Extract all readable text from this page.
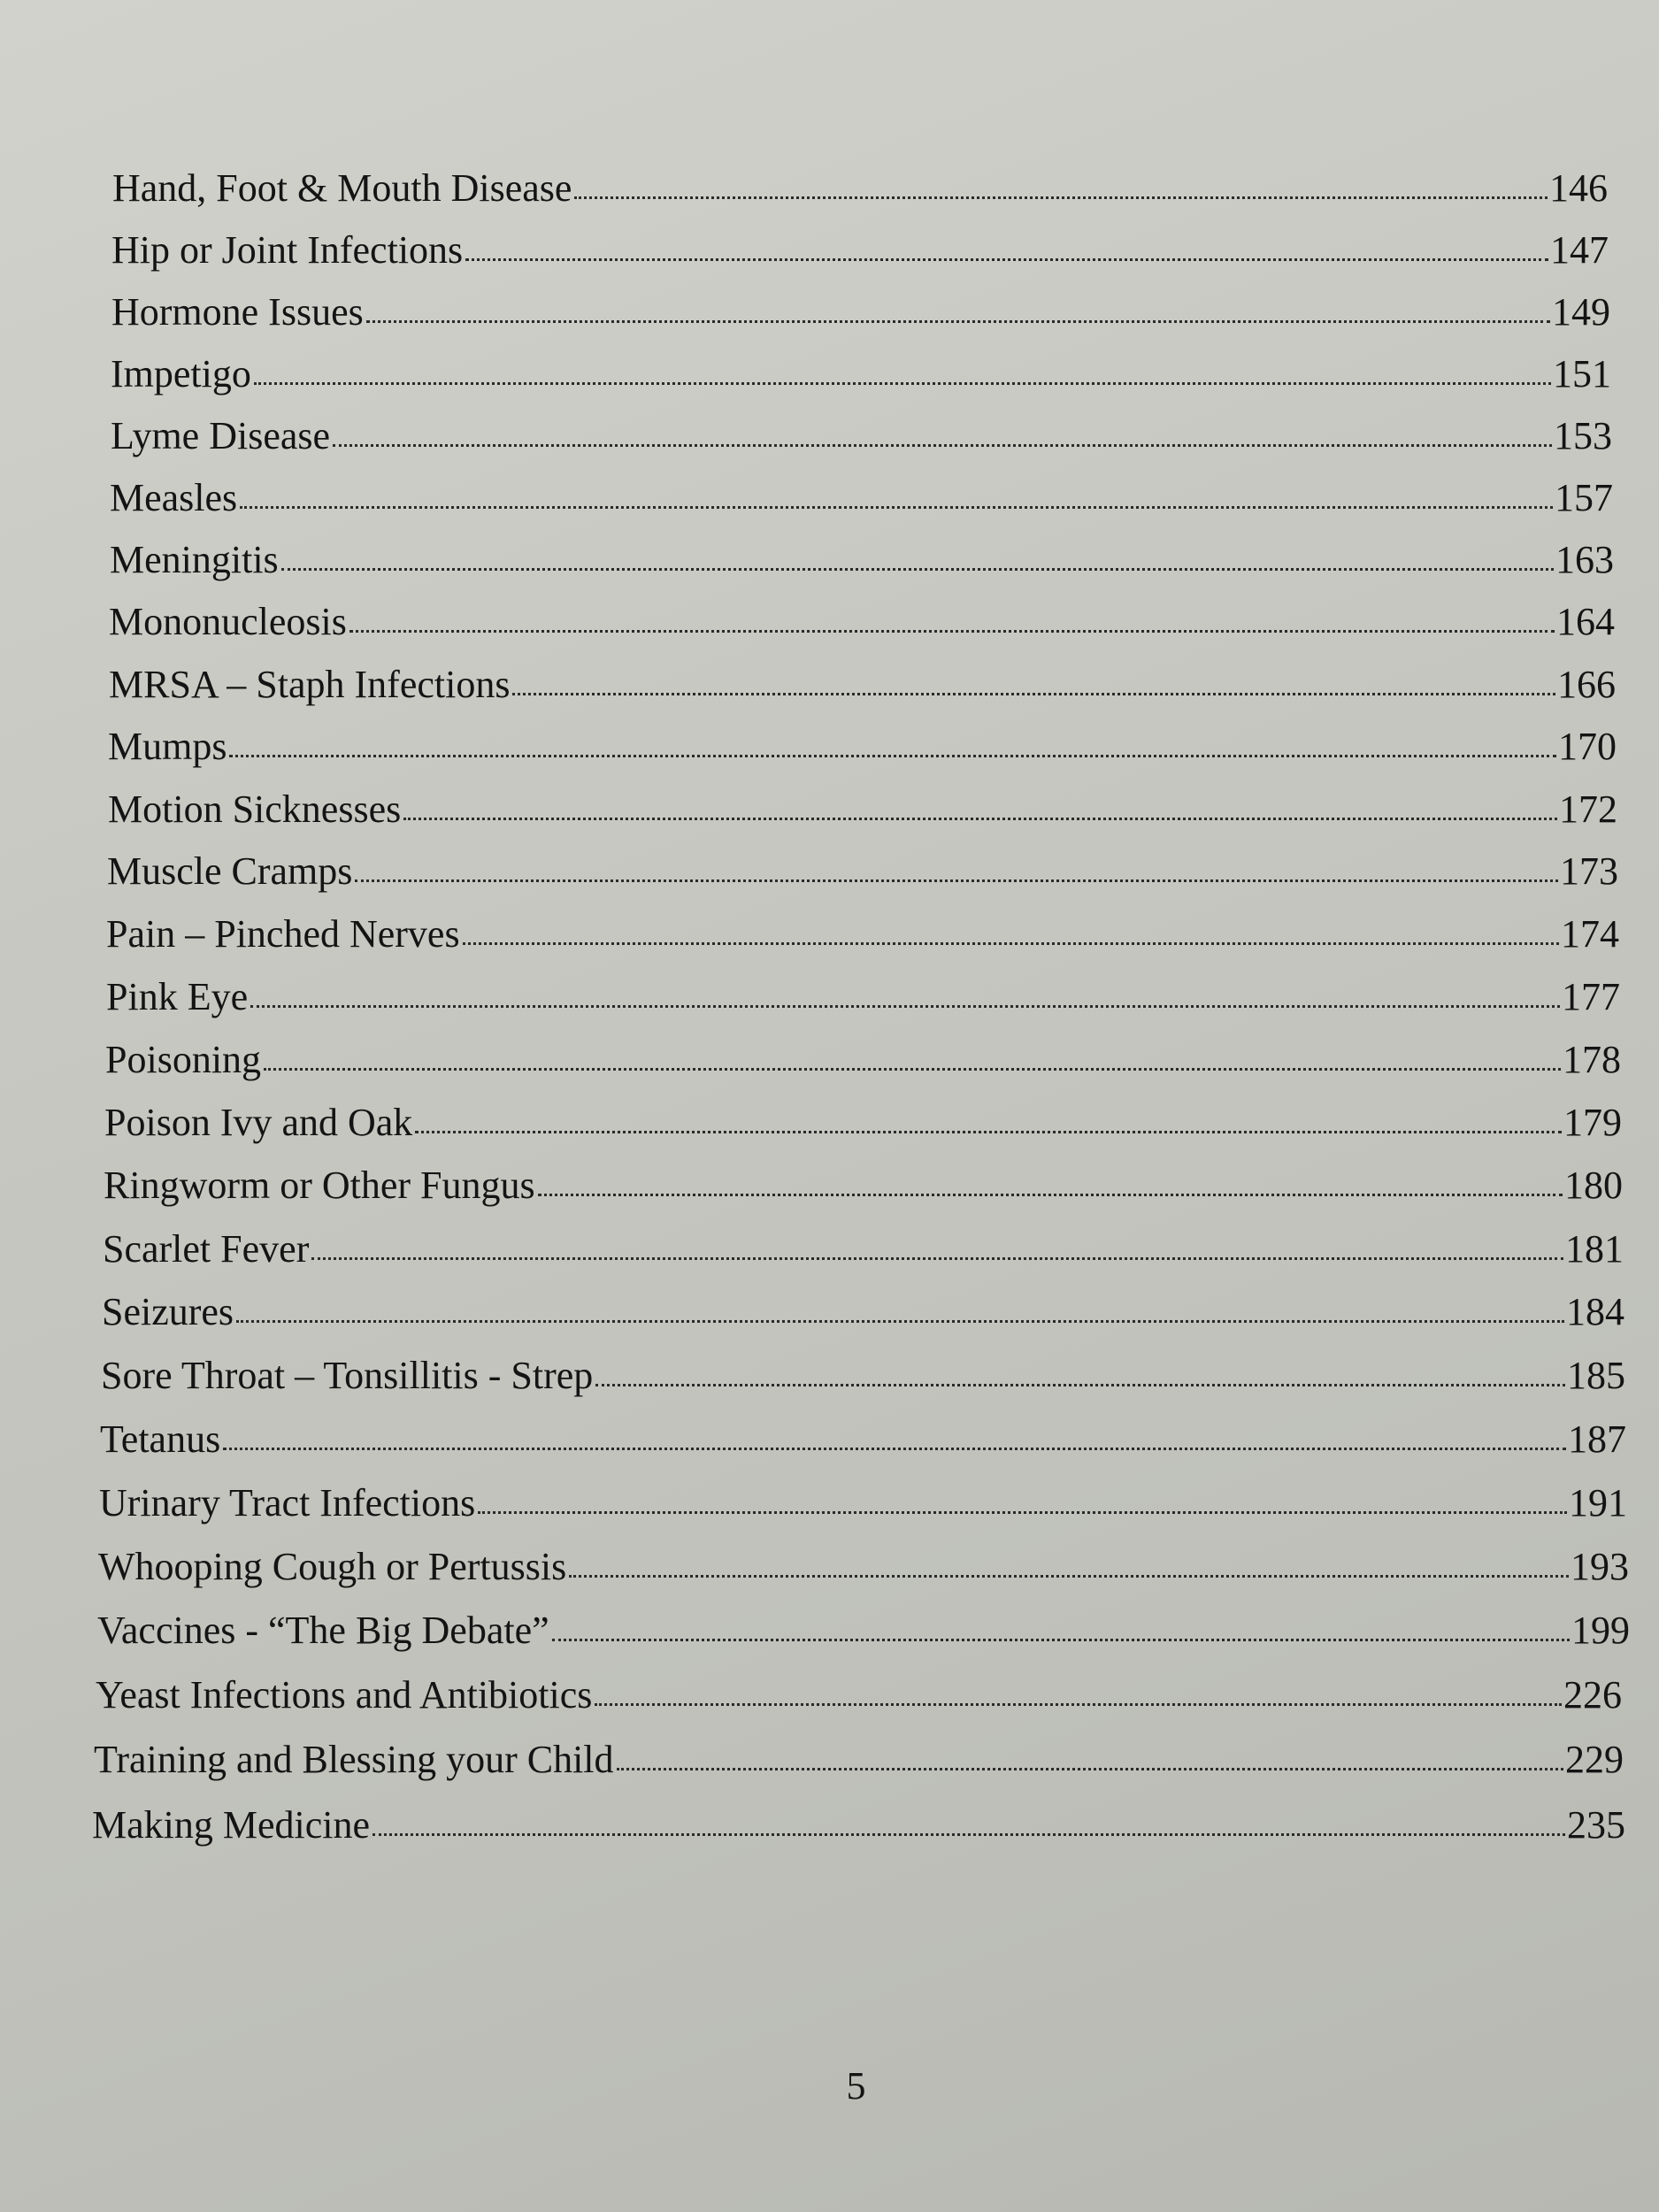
Hand, Foot & Mouth Disease	146
Hip or Joint Infections	147
Hormone Issues	149
Impetigo	151
Lyme Disease	153
Measles	157
Meningitis	163
Mononucleosis	164
MRSA – Staph Infections	166
Mumps	170
Motion Sicknesses	172
Muscle Cramps	173
Pain – Pinched Nerves	174
Pink Eye	177
Poisoning	178
Poison Ivy and Oak	179
Ringworm or Other Fungus	180
Scarlet Fever	181
Seizures	184
Sore Throat – Tonsillitis - Strep	185
Tetanus	187
Urinary Tract Infections	191
Whooping Cough or Pertussis	193
Vaccines - “The Big Debate”	199
Yeast Infections and Antibiotics	226
Training and Blessing your Child	229
Making Medicine	235
5
